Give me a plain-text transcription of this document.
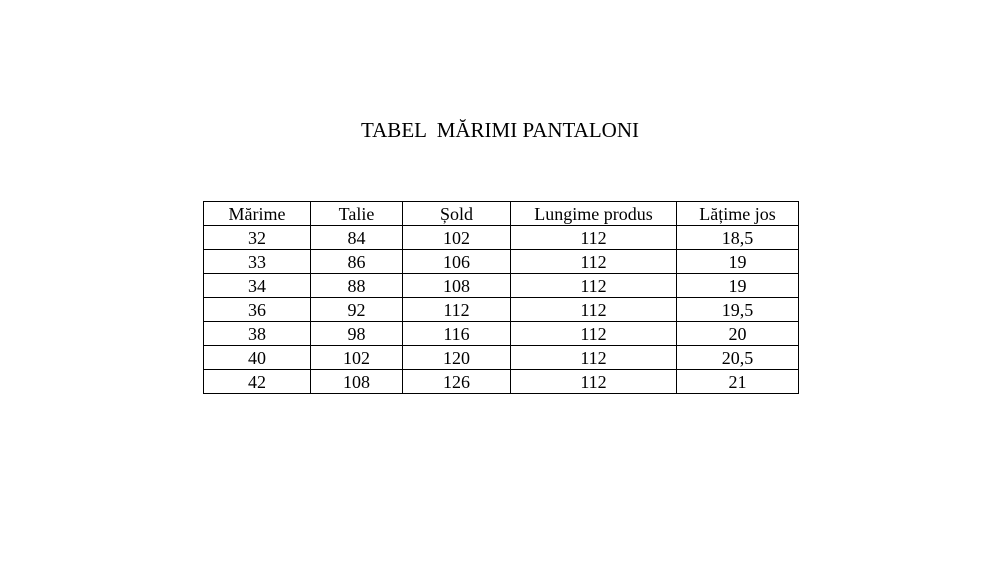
TABEL  MĂRIMI PANTALONI
Mărime	Talie	Șold	Lungime produs	Lățime jos
32	84	102	112	18,5
33	86	106	112	19
34	88	108	112	19
36	92	112	112	19,5
38	98	116	112	20
40	102	120	112	20,5
42	108	126	112	21
